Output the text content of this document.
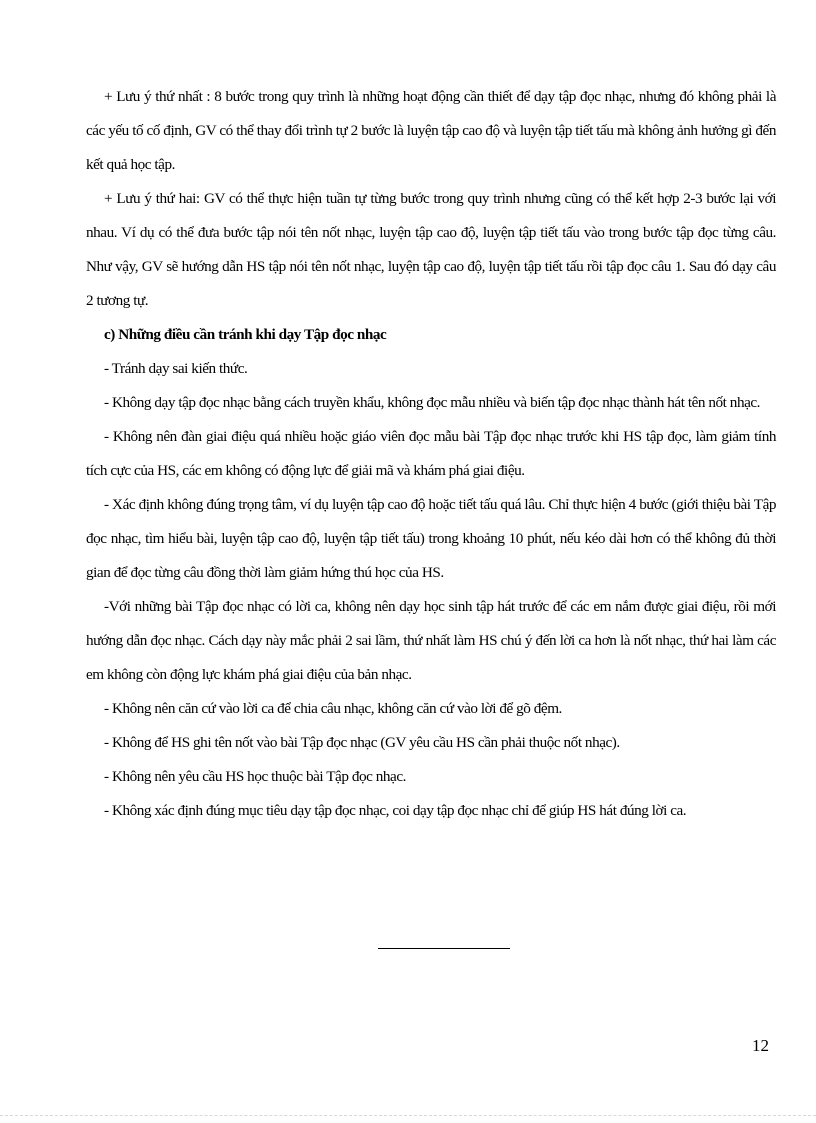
+ Lưu ý thứ nhất : 8 bước trong quy trình là những hoạt động cần thiết để dạy tập đọc nhạc, nhưng đó không phải là các yếu tố cố định, GV có thể thay đổi trình tự 2 bước là luyện tập cao độ và luyện tập tiết tấu mà không ảnh hưởng gì đến kết quả học tập.

+ Lưu ý thứ hai: GV có thể thực hiện tuần tự từng bước trong quy trình nhưng cũng có thể kết hợp 2-3 bước lại với nhau. Ví dụ có thể đưa bước tập nói tên nốt nhạc, luyện tập cao độ, luyện tập tiết tấu vào trong bước tập đọc từng câu. Như vậy, GV sẽ hướng dẫn HS tập nói tên nốt nhạc, luyện tập cao độ, luyện tập tiết tấu rồi tập đọc câu 1. Sau đó dạy câu 2 tương tự.

c) Những điều cần tránh khi dạy Tập đọc nhạc

- Tránh dạy sai kiến thức.

- Không dạy tập đọc nhạc bằng cách truyền khẩu, không đọc mẫu nhiều và biến tập đọc nhạc thành hát tên nốt nhạc.

- Không nên đàn giai điệu quá nhiều hoặc giáo viên đọc mẫu bài Tập đọc nhạc trước khi HS tập đọc, làm giảm tính tích cực của HS, các em không có động lực để giải mã và khám phá giai điệu.

- Xác định không đúng trọng tâm, ví dụ luyện tập cao độ hoặc tiết tấu quá lâu. Chỉ thực hiện 4 bước (giới thiệu bài Tập đọc nhạc, tìm hiểu bài, luyện tập cao độ, luyện tập tiết tấu) trong khoảng 10 phút, nếu kéo dài hơn có thể không đủ thời gian để đọc từng câu đồng thời làm giảm hứng thú học của HS.

-Với những bài Tập đọc nhạc có lời ca, không nên dạy học sinh tập hát trước để các em nắm được giai điệu, rồi mới hướng dẫn đọc nhạc. Cách dạy này mắc phải 2 sai lầm, thứ nhất làm HS chú ý đến lời ca hơn là nốt nhạc, thứ hai làm các em không còn động lực khám phá giai điệu của bản nhạc.

- Không nên căn cứ vào lời ca để chia câu nhạc, không căn cứ vào lời để gõ đệm.

- Không để HS ghi tên nốt vào bài Tập đọc nhạc (GV yêu cầu HS cần phải thuộc nốt nhạc).

- Không nên yêu cầu HS học thuộc bài Tập đọc nhạc.

- Không xác định đúng mục tiêu dạy tập đọc nhạc, coi dạy tập đọc nhạc chỉ để giúp HS hát đúng lời ca.

12
